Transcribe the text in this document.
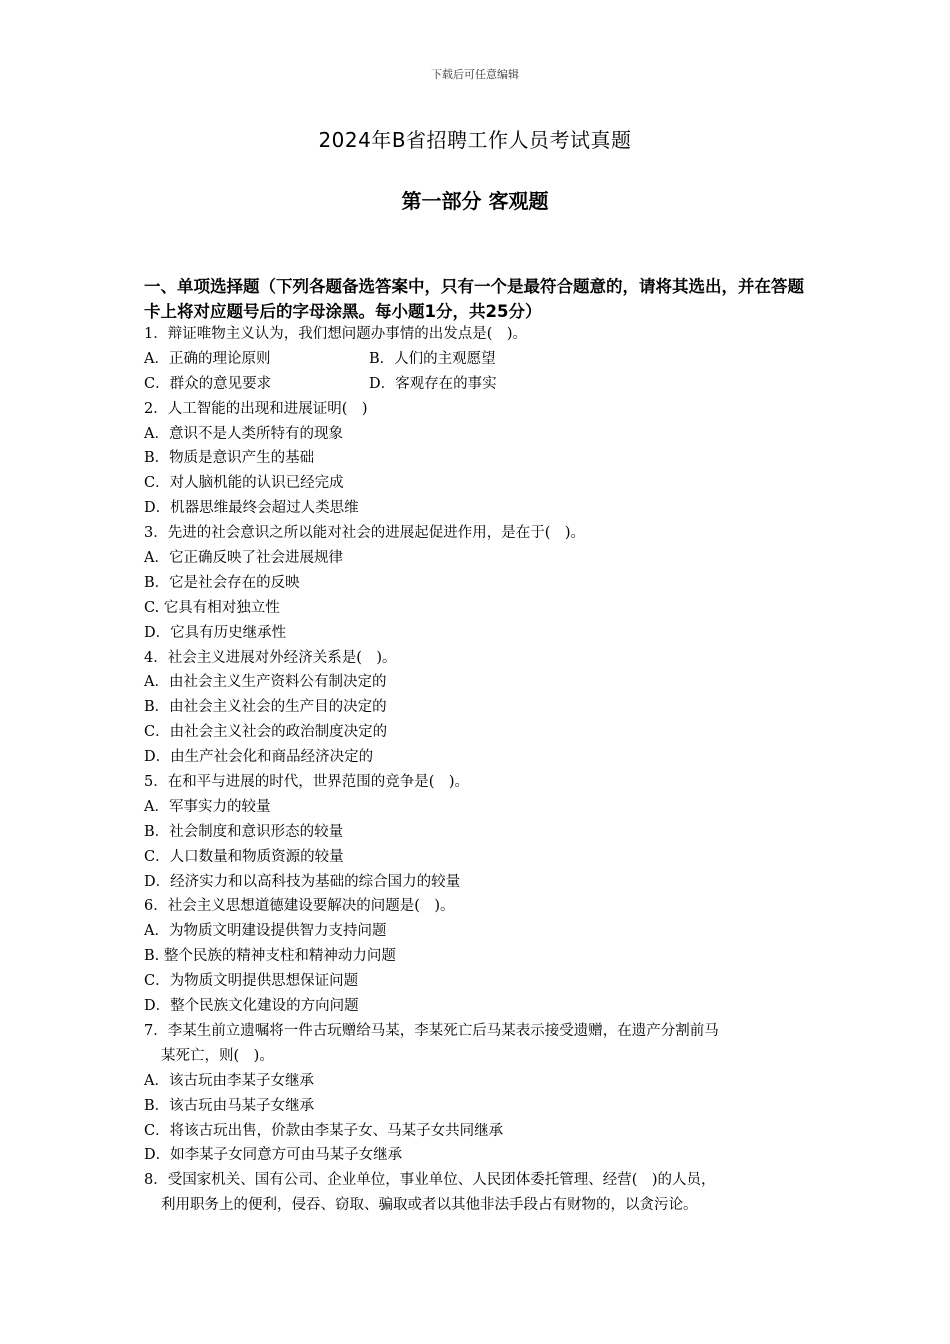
下载后可任意编辑
2024年B省招聘工作人员考试真题
第一部分 客观题
一、单项选择题（下列各题备选答案中，只有一个是最符合题意的，请将其选出，并在答题卡上将对应题号后的字母涂黑。每小题1分，共25分）
1．辩证唯物主义认为，我们想问题办事情的出发点是(　)。
A．正确的理论原则	B．人们的主观愿望
C．群众的意见要求	D．客观存在的事实
2．人工智能的出现和进展证明(　)
A．意识不是人类所特有的现象
B．物质是意识产生的基础
C．对人脑机能的认识已经完成
D．机器思维最终会超过人类思维
3．先进的社会意识之所以能对社会的进展起促进作用，是在于(　)。
A．它正确反映了社会进展规律
B．它是社会存在的反映
C. 它具有相对独立性
D．它具有历史继承性
4．社会主义进展对外经济关系是(　)。
A．由社会主义生产资料公有制决定的
B．由社会主义社会的生产目的决定的
C．由社会主义社会的政治制度决定的
D．由生产社会化和商品经济决定的
5．在和平与进展的时代，世界范围的竞争是(　)。
A．军事实力的较量
B．社会制度和意识形态的较量
C．人口数量和物质资源的较量
D．经济实力和以高科技为基础的综合国力的较量
6．社会主义思想道德建设要解决的问题是(　)。
A．为物质文明建设提供智力支持问题
B. 整个民族的精神支柱和精神动力问题
C．为物质文明提供思想保证问题
D．整个民族文化建设的方向问题
7．李某生前立遗嘱将一件古玩赠给马某，李某死亡后马某表示接受遗赠，在遗产分割前马
某死亡，则(　)。
A．该古玩由李某子女继承
B．该古玩由马某子女继承
C．将该古玩出售，价款由李某子女、马某子女共同继承
D．如李某子女同意方可由马某子女继承
8．受国家机关、国有公司、企业单位，事业单位、人民团体委托管理、经营(　)的人员，
利用职务上的便利，侵吞、窃取、骗取或者以其他非法手段占有财物的，以贪污论。
